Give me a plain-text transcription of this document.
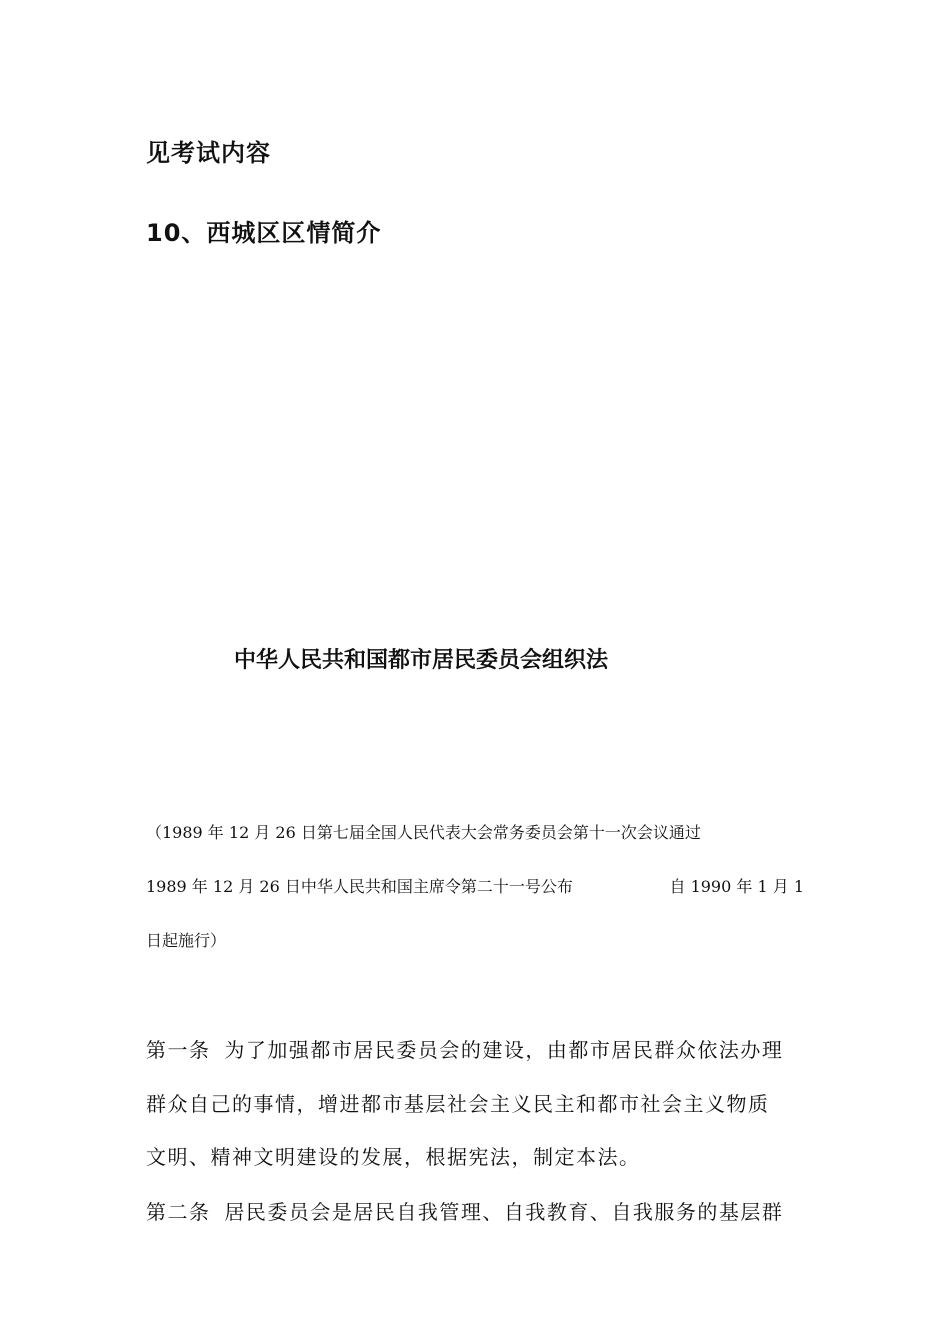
见考试内容
10、西城区区情简介
中华人民共和国都市居民委员会组织法
（1989 年 12 月 26 日第七届全国人民代表大会常务委员会第十一次会议通过
1989 年 12 月 26 日中华人民共和国主席令第二十一号公布	自 1990 年 1 月 1
日起施行）
第一条 为了加强都市居民委员会的建设，由都市居民群众依法办理
群众自己的事情，增进都市基层社会主义民主和都市社会主义物质
文明、精神文明建设的发展，根据宪法，制定本法。
第二条 居民委员会是居民自我管理、自我教育、自我服务的基层群
